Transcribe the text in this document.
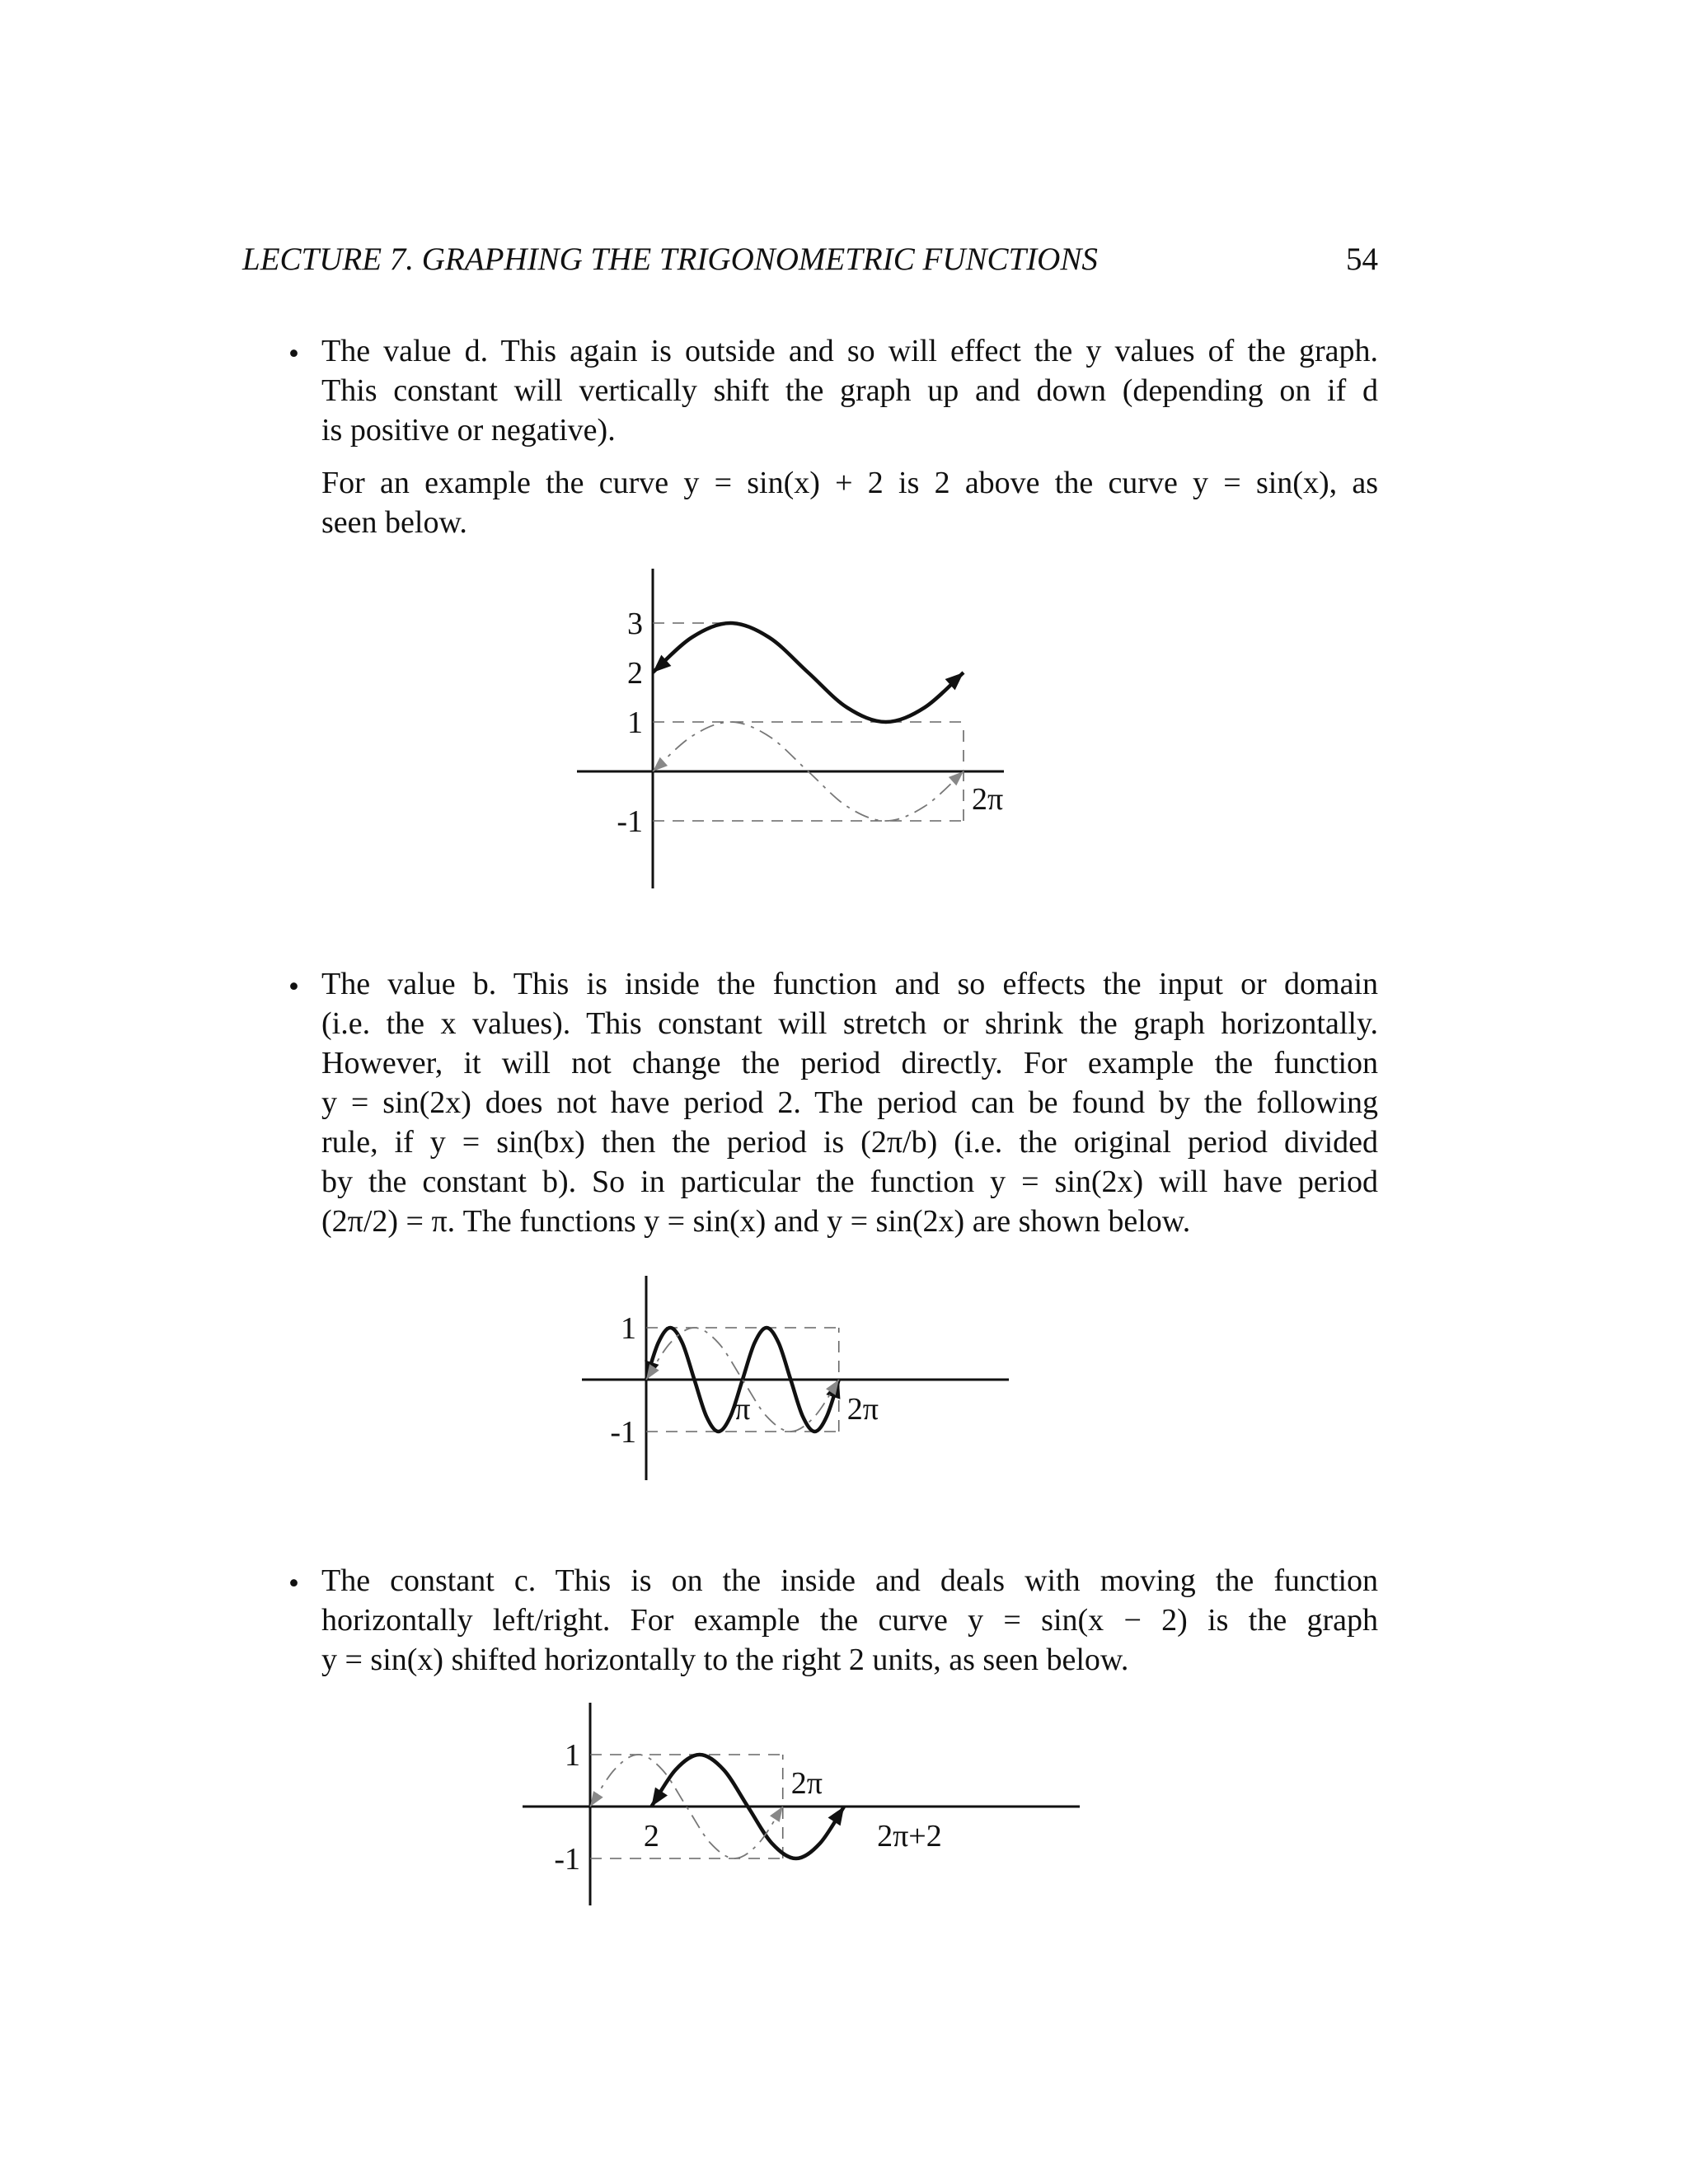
LECTURE 7. GRAPHING THE TRIGONOMETRIC FUNCTIONS	54
• The value d. This again is outside and so will effect the y values of the graph.
This constant will vertically shift the graph up and down (depending on if d
is positive or negative).
For an example the curve y = sin(x) + 2 is 2 above the curve y = sin(x), as
seen below.
3
2
1
-1
2π
• The value b. This is inside the function and so effects the input or domain
(i.e. the x values). This constant will stretch or shrink the graph horizontally.
However, it will not change the period directly. For example the function
y = sin(2x) does not have period 2. The period can be found by the following
rule, if y = sin(bx) then the period is (2π/b) (i.e. the original period divided
by the constant b). So in particular the function y = sin(2x) will have period
(2π/2) = π. The functions y = sin(x) and y = sin(2x) are shown below.
1
-1
π	2π
• The constant c. This is on the inside and deals with moving the function
horizontally left/right. For example the curve y = sin(x − 2) is the graph
y = sin(x) shifted horizontally to the right 2 units, as seen below.
1
-1
2
2π
2π+2
